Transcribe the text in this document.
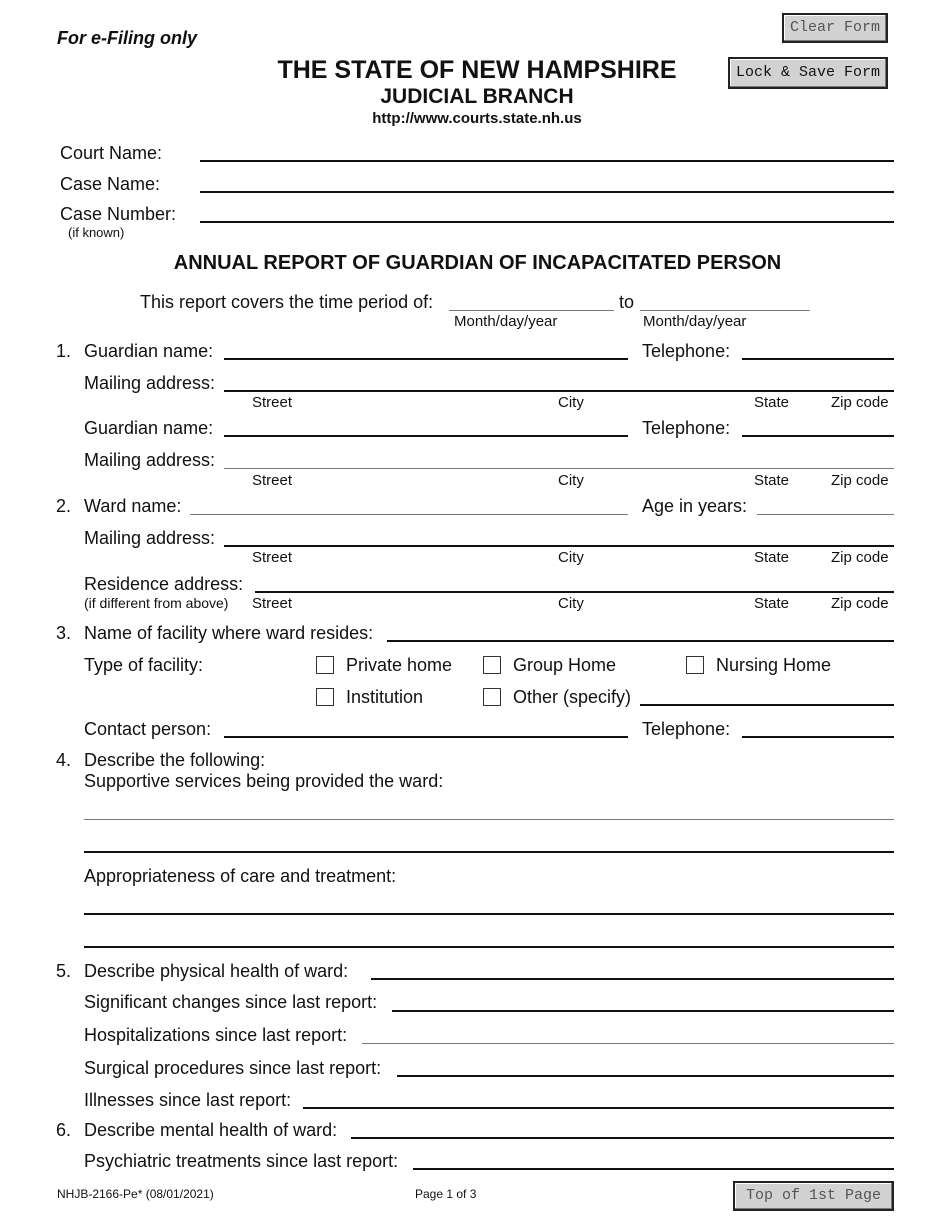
For e-Filing only
THE STATE OF NEW HAMPSHIRE
JUDICIAL BRANCH
http://www.courts.state.nh.us
Clear Form
Lock & Save Form
Court Name:
Case Name:
Case Number:
(if known)
ANNUAL REPORT OF GUARDIAN OF INCAPACITATED PERSON
This report covers the time period of:	to
Month/day/year	Month/day/year
1. Guardian name:	Telephone:
Mailing address:
Street	City	State	Zip code
Guardian name:	Telephone:
Mailing address:
Street	City	State	Zip code
2. Ward name:	Age in years:
Mailing address:
Street	City	State	Zip code
Residence address:
(if different from above) Street	City	State	Zip code
3. Name of facility where ward resides:
Type of facility:	Private home	Group Home	Nursing Home
Institution	Other (specify)
Contact person:	Telephone:
4. Describe the following:
Supportive services being provided the ward:
Appropriateness of care and treatment:
5. Describe physical health of ward:
Significant changes since last report:
Hospitalizations since last report:
Surgical procedures since last report:
Illnesses since last report:
6. Describe mental health of ward:
Psychiatric treatments since last report:
NHJB-2166-Pe* (08/01/2021)	Page 1 of 3	Top of 1st Page
